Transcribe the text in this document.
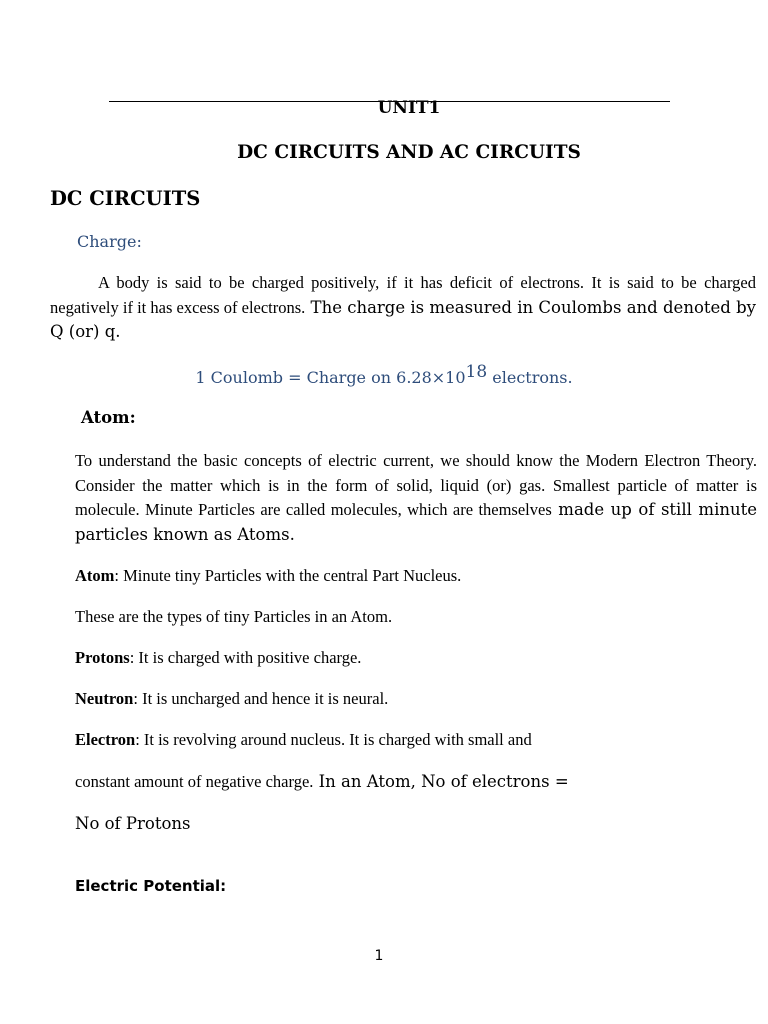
UNIT1
DC CIRCUITS AND AC CIRCUITS
DC CIRCUITS
Charge:
A body is said to be charged positively, if it has deficit of electrons. It is said to be charged negatively if it has excess of electrons. The charge is measured in Coulombs and denoted by Q (or) q.
1 Coulomb = Charge on $6.28\times 10^{18}$ electrons.
Atom:
To understand the basic concepts of electric current, we should know the Modern Electron Theory. Consider the matter which is in the form of solid, liquid (or) gas. Smallest particle of matter is molecule. Minute Particles are called molecules, which are themselves made up of still minute particles known as Atoms.
Atom: Minute tiny Particles with the central Part Nucleus.
These are the types of tiny Particles in an Atom.
Protons: It is charged with positive charge.
Neutron: It is uncharged and hence it is neural.
Electron: It is revolving around nucleus. It is charged with small and
constant amount of negative charge. In an Atom, No of electrons =
No of Protons
Electric Potential:
1
